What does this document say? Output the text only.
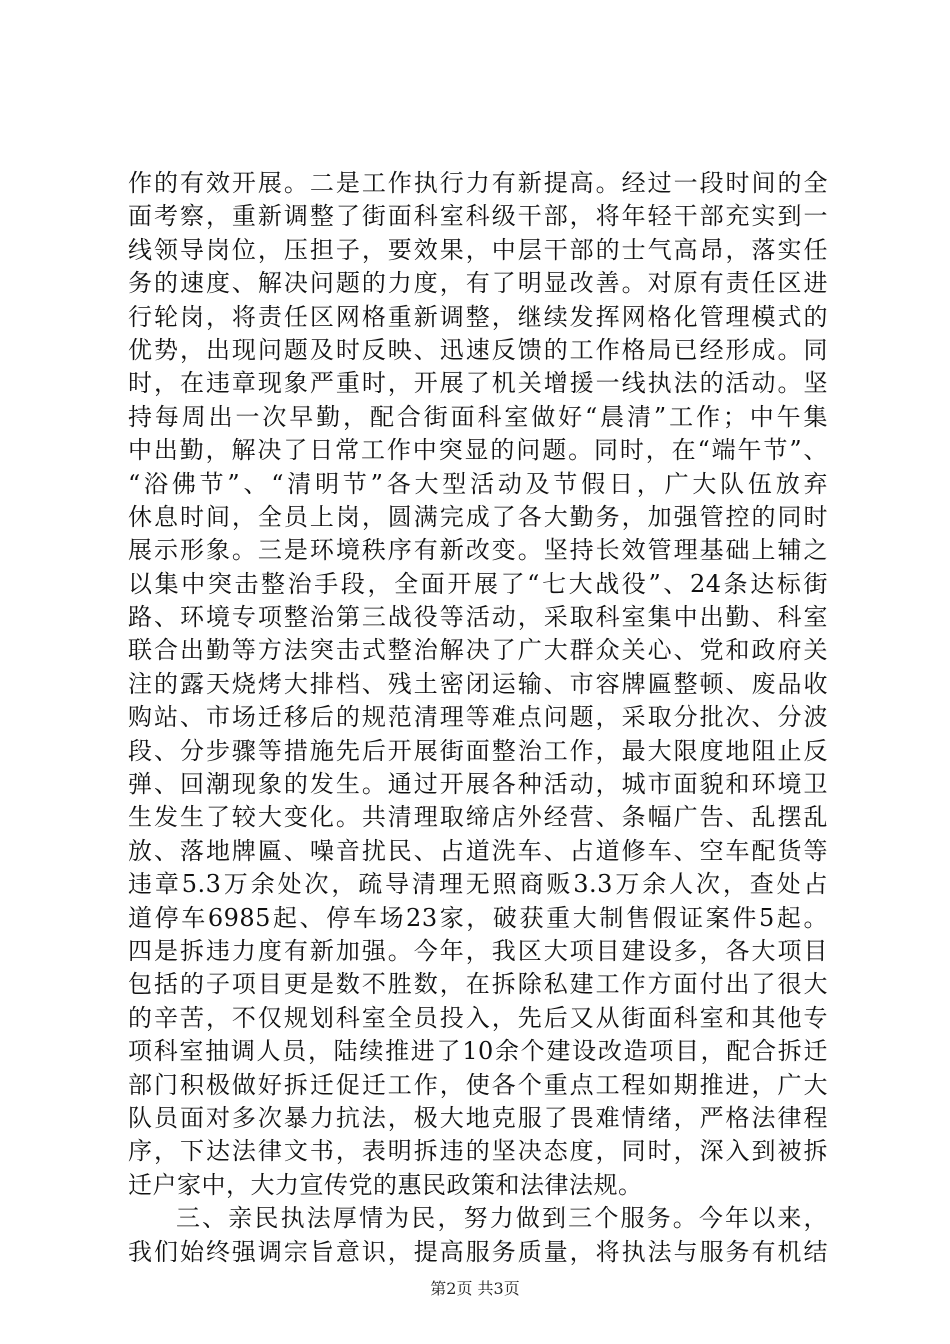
作的有效开展。二是工作执行力有新提高。经过一段时间的全
面考察，重新调整了街面科室科级干部，将年轻干部充实到一
线领导岗位，压担子，要效果，中层干部的士气高昂，落实任
务的速度、解决问题的力度，有了明显改善。对原有责任区进
行轮岗，将责任区网格重新调整，继续发挥网格化管理模式的
优势，出现问题及时反映、迅速反馈的工作格局已经形成。同
时，在违章现象严重时，开展了机关增援一线执法的活动。坚
持每周出一次早勤，配合街面科室做好“晨清”工作；中午集
中出勤，解决了日常工作中突显的问题。同时，在“端午节”、
“浴佛节”、“清明节”各大型活动及节假日，广大队伍放弃
休息时间，全员上岗，圆满完成了各大勤务，加强管控的同时
展示形象。三是环境秩序有新改变。坚持长效管理基础上辅之
以集中突击整治手段，全面开展了“七大战役”、24条达标街
路、环境专项整治第三战役等活动，采取科室集中出勤、科室
联合出勤等方法突击式整治解决了广大群众关心、党和政府关
注的露天烧烤大排档、残土密闭运输、市容牌匾整顿、废品收
购站、市场迁移后的规范清理等难点问题，采取分批次、分波
段、分步骤等措施先后开展街面整治工作，最大限度地阻止反
弹、回潮现象的发生。通过开展各种活动，城市面貌和环境卫
生发生了较大变化。共清理取缔店外经营、条幅广告、乱摆乱
放、落地牌匾、噪音扰民、占道洗车、占道修车、空车配货等
违章5.3万余处次，疏导清理无照商贩3.3万余人次，查处占
道停车6985起、停车场23家，破获重大制售假证案件5起。
四是拆违力度有新加强。今年，我区大项目建设多，各大项目
包括的子项目更是数不胜数，在拆除私建工作方面付出了很大
的辛苦，不仅规划科室全员投入，先后又从街面科室和其他专
项科室抽调人员，陆续推进了10余个建设改造项目，配合拆迁
部门积极做好拆迁促迁工作，使各个重点工程如期推进，广大
队员面对多次暴力抗法，极大地克服了畏难情绪，严格法律程
序，下达法律文书，表明拆违的坚决态度，同时，深入到被拆
迁户家中，大力宣传党的惠民政策和法律法规。
三、亲民执法厚情为民，努力做到三个服务。今年以来，
我们始终强调宗旨意识，提高服务质量，将执法与服务有机结
第2页 共3页
